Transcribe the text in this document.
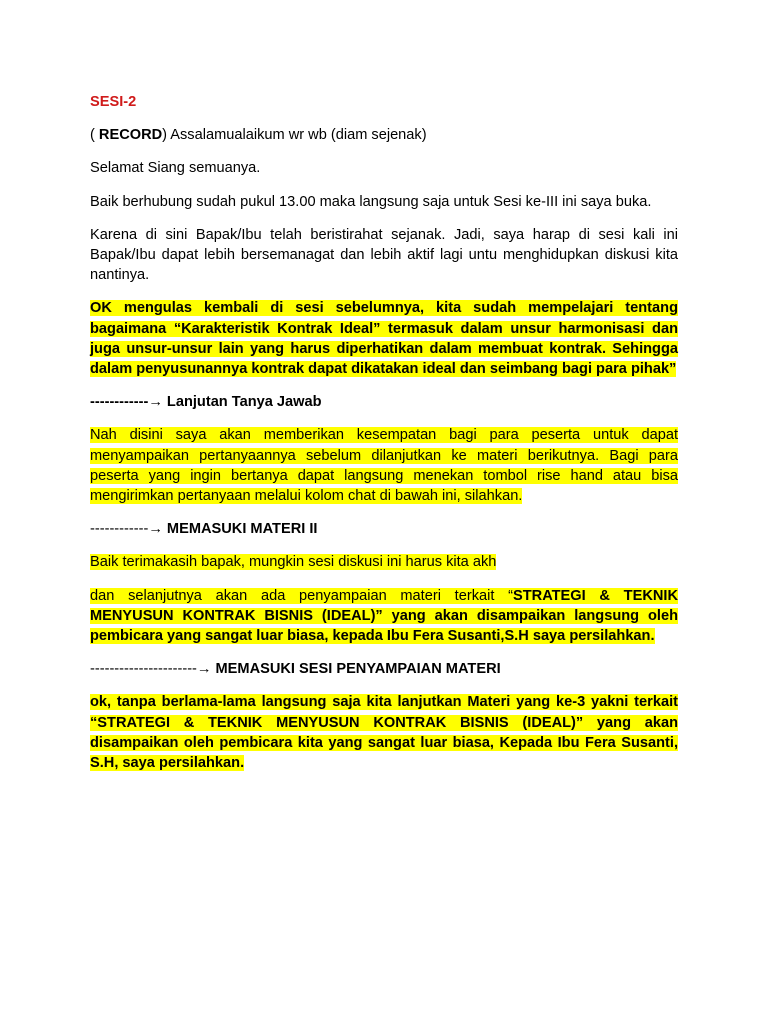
SESI-2

( RECORD) Assalamualaikum wr wb (diam sejenak)

Selamat Siang semuanya.

Baik berhubung sudah pukul 13.00 maka langsung saja untuk Sesi ke-III ini saya buka.

Karena di sini Bapak/Ibu telah beristirahat sejanak. Jadi, saya harap di sesi kali ini Bapak/Ibu dapat lebih bersemanagat dan lebih aktif lagi untu menghidupkan diskusi kita nantinya.

OK mengulas kembali di sesi sebelumnya, kita sudah mempelajari tentang bagaimana “Karakteristik Kontrak Ideal” termasuk dalam unsur harmonisasi dan juga unsur-unsur lain yang harus diperhatikan dalam membuat kontrak. Sehingga dalam penyusunannya kontrak dapat dikatakan ideal dan seimbang bagi para pihak”

------------→ Lanjutan Tanya Jawab

Nah disini saya akan memberikan kesempatan bagi para peserta untuk dapat menyampaikan pertanyaannya sebelum dilanjutkan ke materi berikutnya. Bagi para peserta yang ingin bertanya dapat langsung menekan tombol rise hand atau bisa mengirimkan pertanyaan melalui kolom chat di bawah ini, silahkan.

------------→ MEMASUKI MATERI II

Baik terimakasih bapak, mungkin sesi diskusi ini harus kita akh

dan selanjutnya akan ada penyampaian materi terkait “STRATEGI & TEKNIK MENYUSUN KONTRAK BISNIS (IDEAL)” yang akan disampaikan langsung oleh pembicara yang sangat luar biasa, kepada Ibu Fera Susanti,S.H saya persilahkan.

----------------------→ MEMASUKI SESI PENYAMPAIAN MATERI

ok, tanpa berlama-lama langsung saja kita lanjutkan Materi yang ke-3 yakni terkait “STRATEGI & TEKNIK MENYUSUN KONTRAK BISNIS (IDEAL)” yang akan disampaikan oleh pembicara kita yang sangat luar biasa, Kepada Ibu Fera Susanti, S.H, saya persilahkan.
